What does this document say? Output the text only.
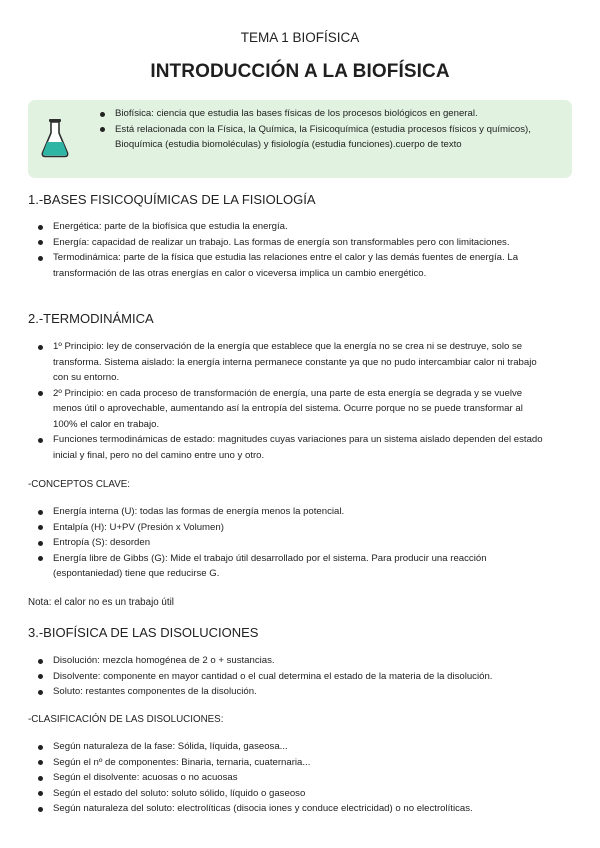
TEMA 1 BIOFÍSICA
INTRODUCCIÓN A LA BIOFÍSICA
Biofísica: ciencia que estudia las bases físicas de los procesos biológicos en general.
Está relacionada con la Física, la Química, la Fisicoquímica (estudia procesos físicos y químicos), Bioquímica (estudia biomoléculas) y fisiología (estudia funciones).cuerpo de texto
1.-BASES FISICOQUÍMICAS DE LA FISIOLOGÍA
Energética: parte de la biofísica que estudia la energía.
Energía: capacidad de realizar un trabajo. Las formas de energía son transformables pero con limitaciones.
Termodinámica: parte de la física que estudia las relaciones entre el calor y las demás fuentes de energía. La transformación de las otras energías en calor o viceversa implica un cambio energético.
2.-TERMODINÁMICA
1º Principio: ley de conservación de la energía que establece que la energía no se crea ni se destruye, solo se transforma. Sistema aislado: la energía interna permanece constante ya que no pudo intercambiar calor ni trabajo con su entorno.
2º Principio: en cada proceso de transformación de energía, una parte de esta energía se degrada y se vuelve menos útil o aprovechable, aumentando así la entropía del sistema. Ocurre porque no se puede transformar al 100% el calor en trabajo.
Funciones termodinámicas de estado: magnitudes cuyas variaciones para un sistema aislado dependen del estado inicial y final, pero no del camino entre uno y otro.
-CONCEPTOS CLAVE:
Energía interna (U): todas las formas de energía menos la potencial.
Entalpía (H): U+PV (Presión x Volumen)
Entropía (S): desorden
Energía libre de Gibbs (G): Mide el trabajo útil desarrollado por el sistema. Para producir una reacción (espontaniedad) tiene que reducirse G.
Nota: el calor no es un trabajo útil
3.-BIOFÍSICA DE LAS DISOLUCIONES
Disolución: mezcla homogénea de 2 o + sustancias.
Disolvente: componente en mayor cantidad o el cual determina el estado de la materia de la disolución.
Soluto: restantes componentes de la disolución.
-CLASIFICACIÓN DE LAS DISOLUCIONES:
Según naturaleza de la fase: Sólida, líquida, gaseosa...
Según el nº de componentes: Binaria, ternaria, cuaternaria...
Según el disolvente: acuosas o no acuosas
Según el estado del soluto: soluto sólido, líquido o gaseoso
Según naturaleza del soluto: electrolíticas (disocia iones y conduce electricidad) o no electrolíticas.
